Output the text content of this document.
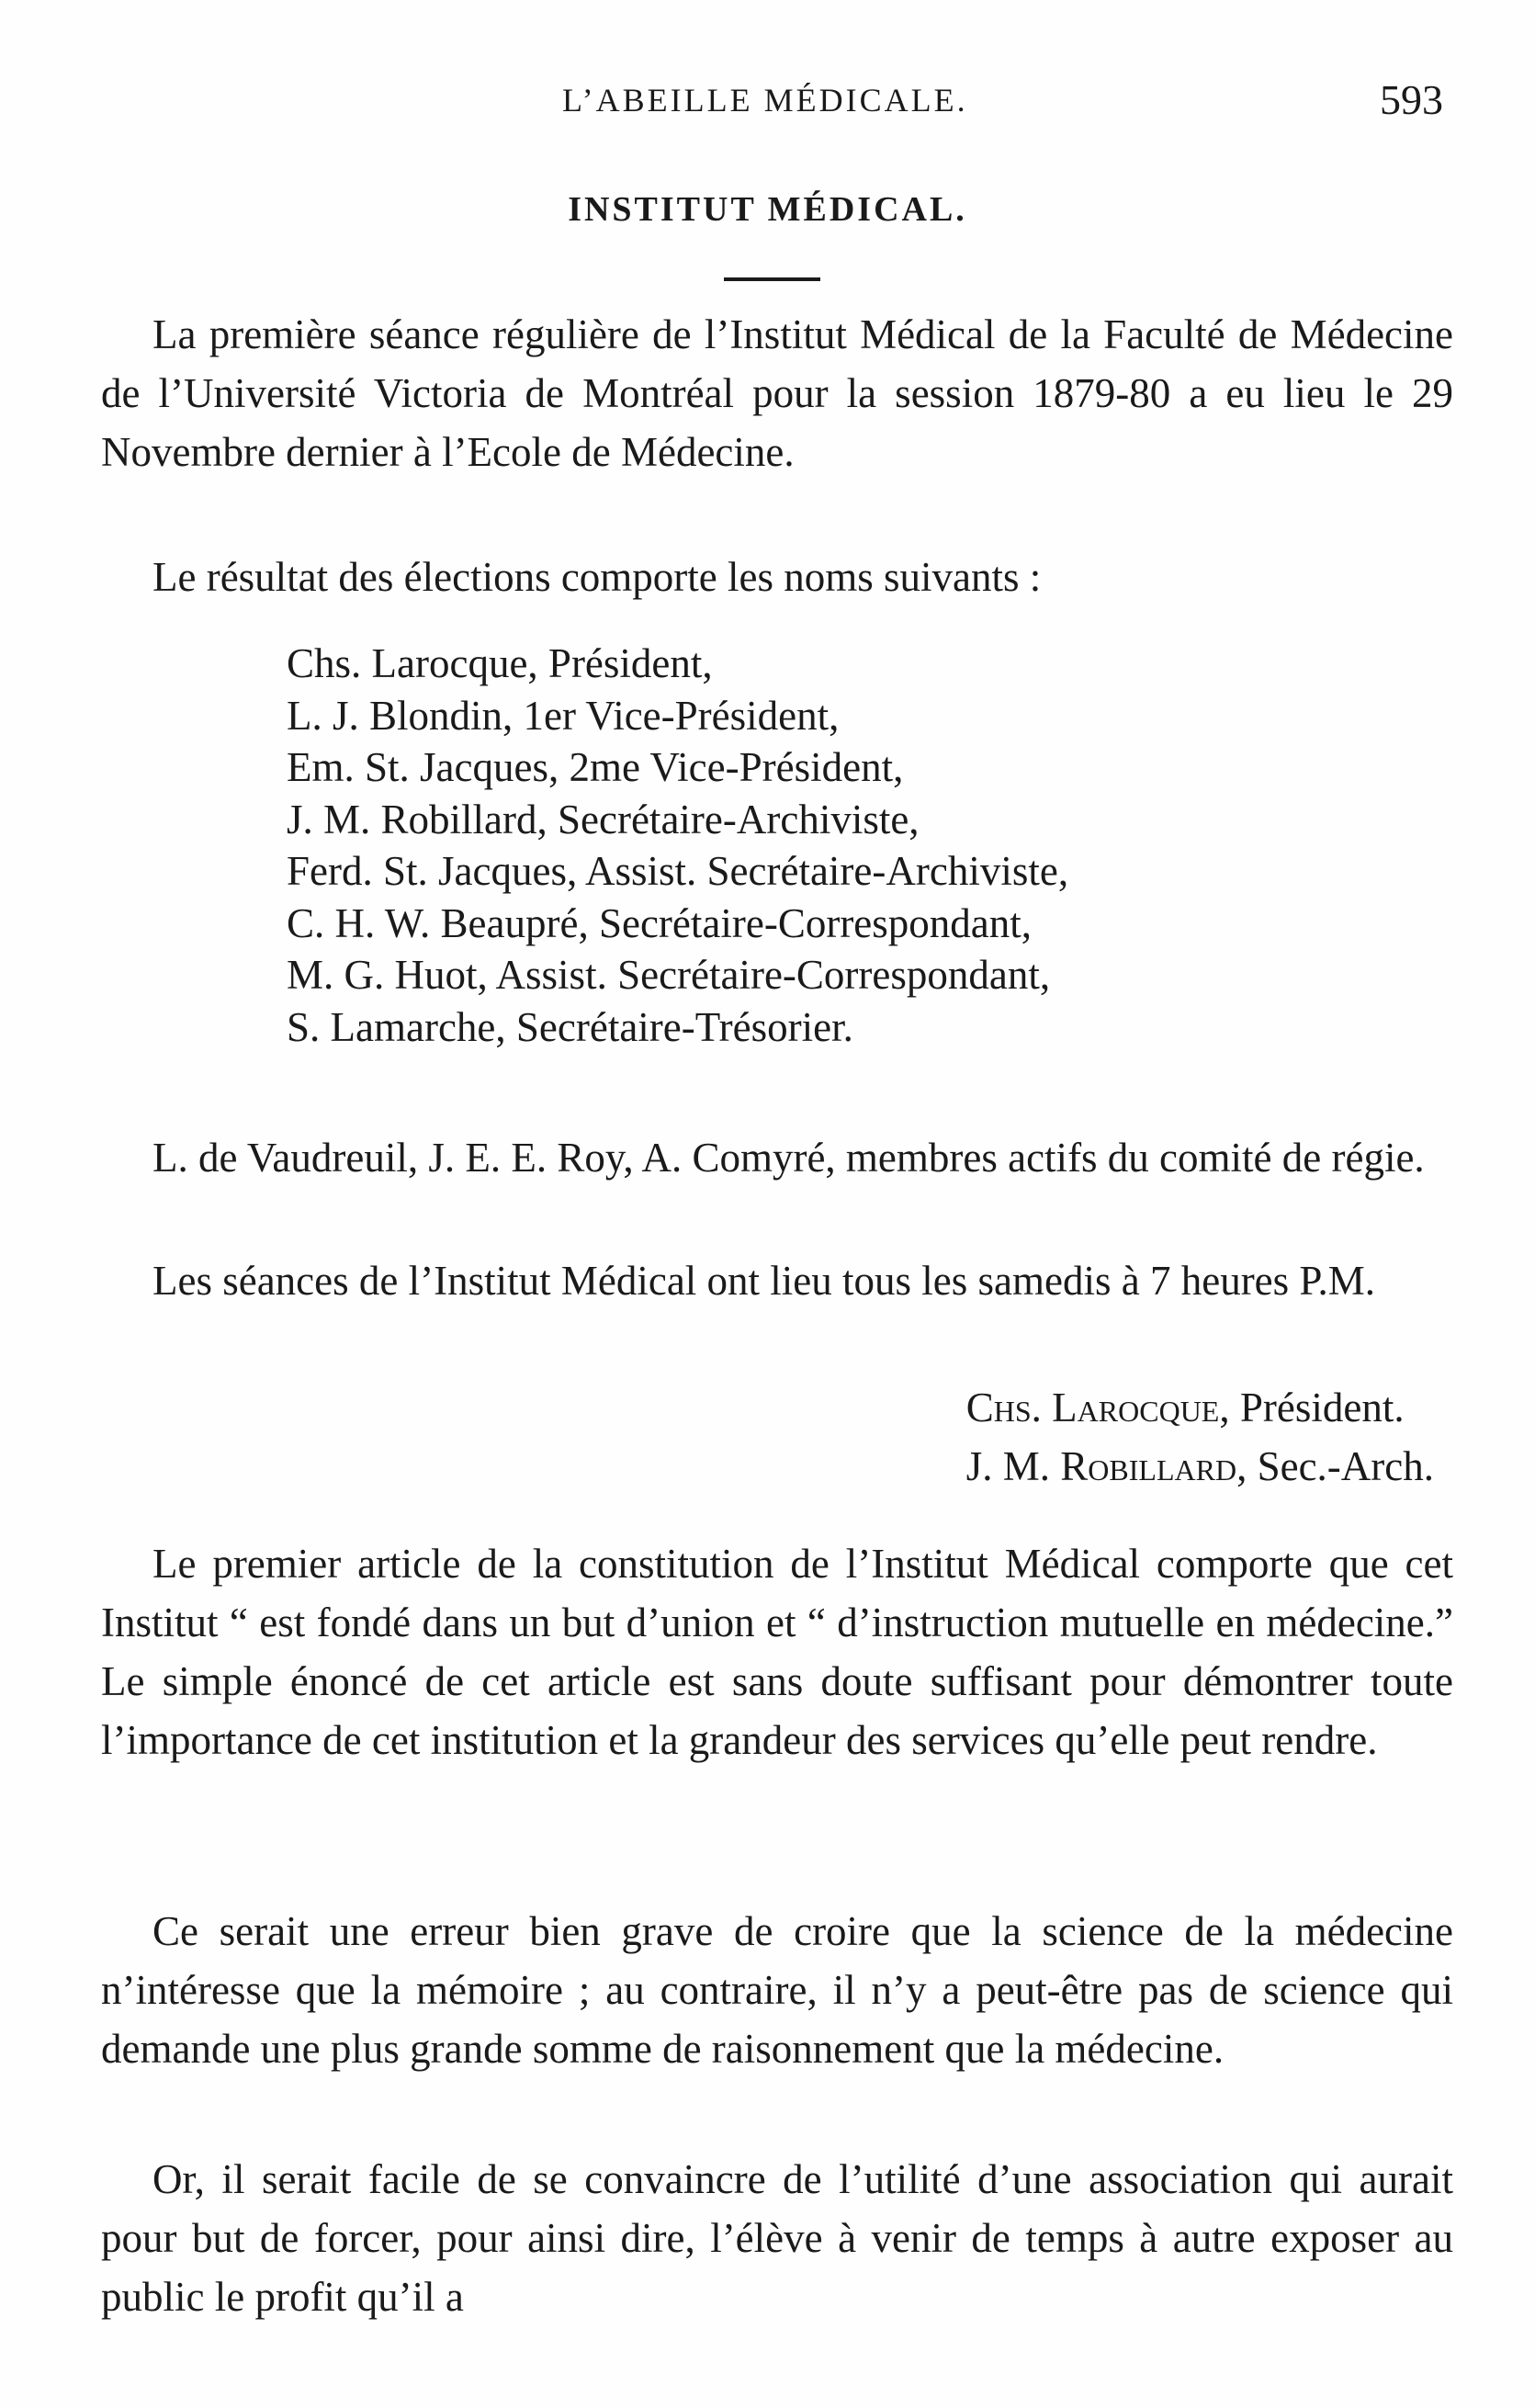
L’ABEILLE MÉDICALE.	593
INSTITUT MÉDICAL.

La première séance régulière de l’Institut Médical de la Faculté de Médecine de l’Université Victoria de Montréal pour la session 1879-80 a eu lieu le 29 Novembre dernier à l’Ecole de Médecine.

Le résultat des élections comporte les noms suivants :

Chs. Larocque, Président,
L. J. Blondin, 1er Vice-Président,
Em. St. Jacques, 2me Vice-Président,
J. M. Robillard, Secrétaire-Archiviste,
Ferd. St. Jacques, Assist. Secrétaire-Archiviste,
C. H. W. Beaupré, Secrétaire-Correspondant,
M. G. Huot, Assist. Secrétaire-Correspondant,
S. Lamarche, Secrétaire-Trésorier.

L. de Vaudreuil, J. E. E. Roy, A. Comyré, membres actifs du comité de régie.

Les séances de l’Institut Médical ont lieu tous les samedis à 7 heures P.M.

Chs. Larocque, Président.
J. M. Robillard, Sec.-Arch.

Le premier article de la constitution de l’Institut Médical comporte que cet Institut “ est fondé dans un but d’union et “ d’instruction mutuelle en médecine.” Le simple énoncé de cet article est sans doute suffisant pour démontrer toute l’importance de cet institution et la grandeur des services qu’elle peut rendre.

Ce serait une erreur bien grave de croire que la science de la médecine n’intéresse que la mémoire ; au contraire, il n’y a peut-être pas de science qui demande une plus grande somme de raisonnement que la médecine.

Or, il serait facile de se convaincre de l’utilité d’une association qui aurait pour but de forcer, pour ainsi dire, l’élève à venir de temps à autre exposer au public le profit qu’il a
